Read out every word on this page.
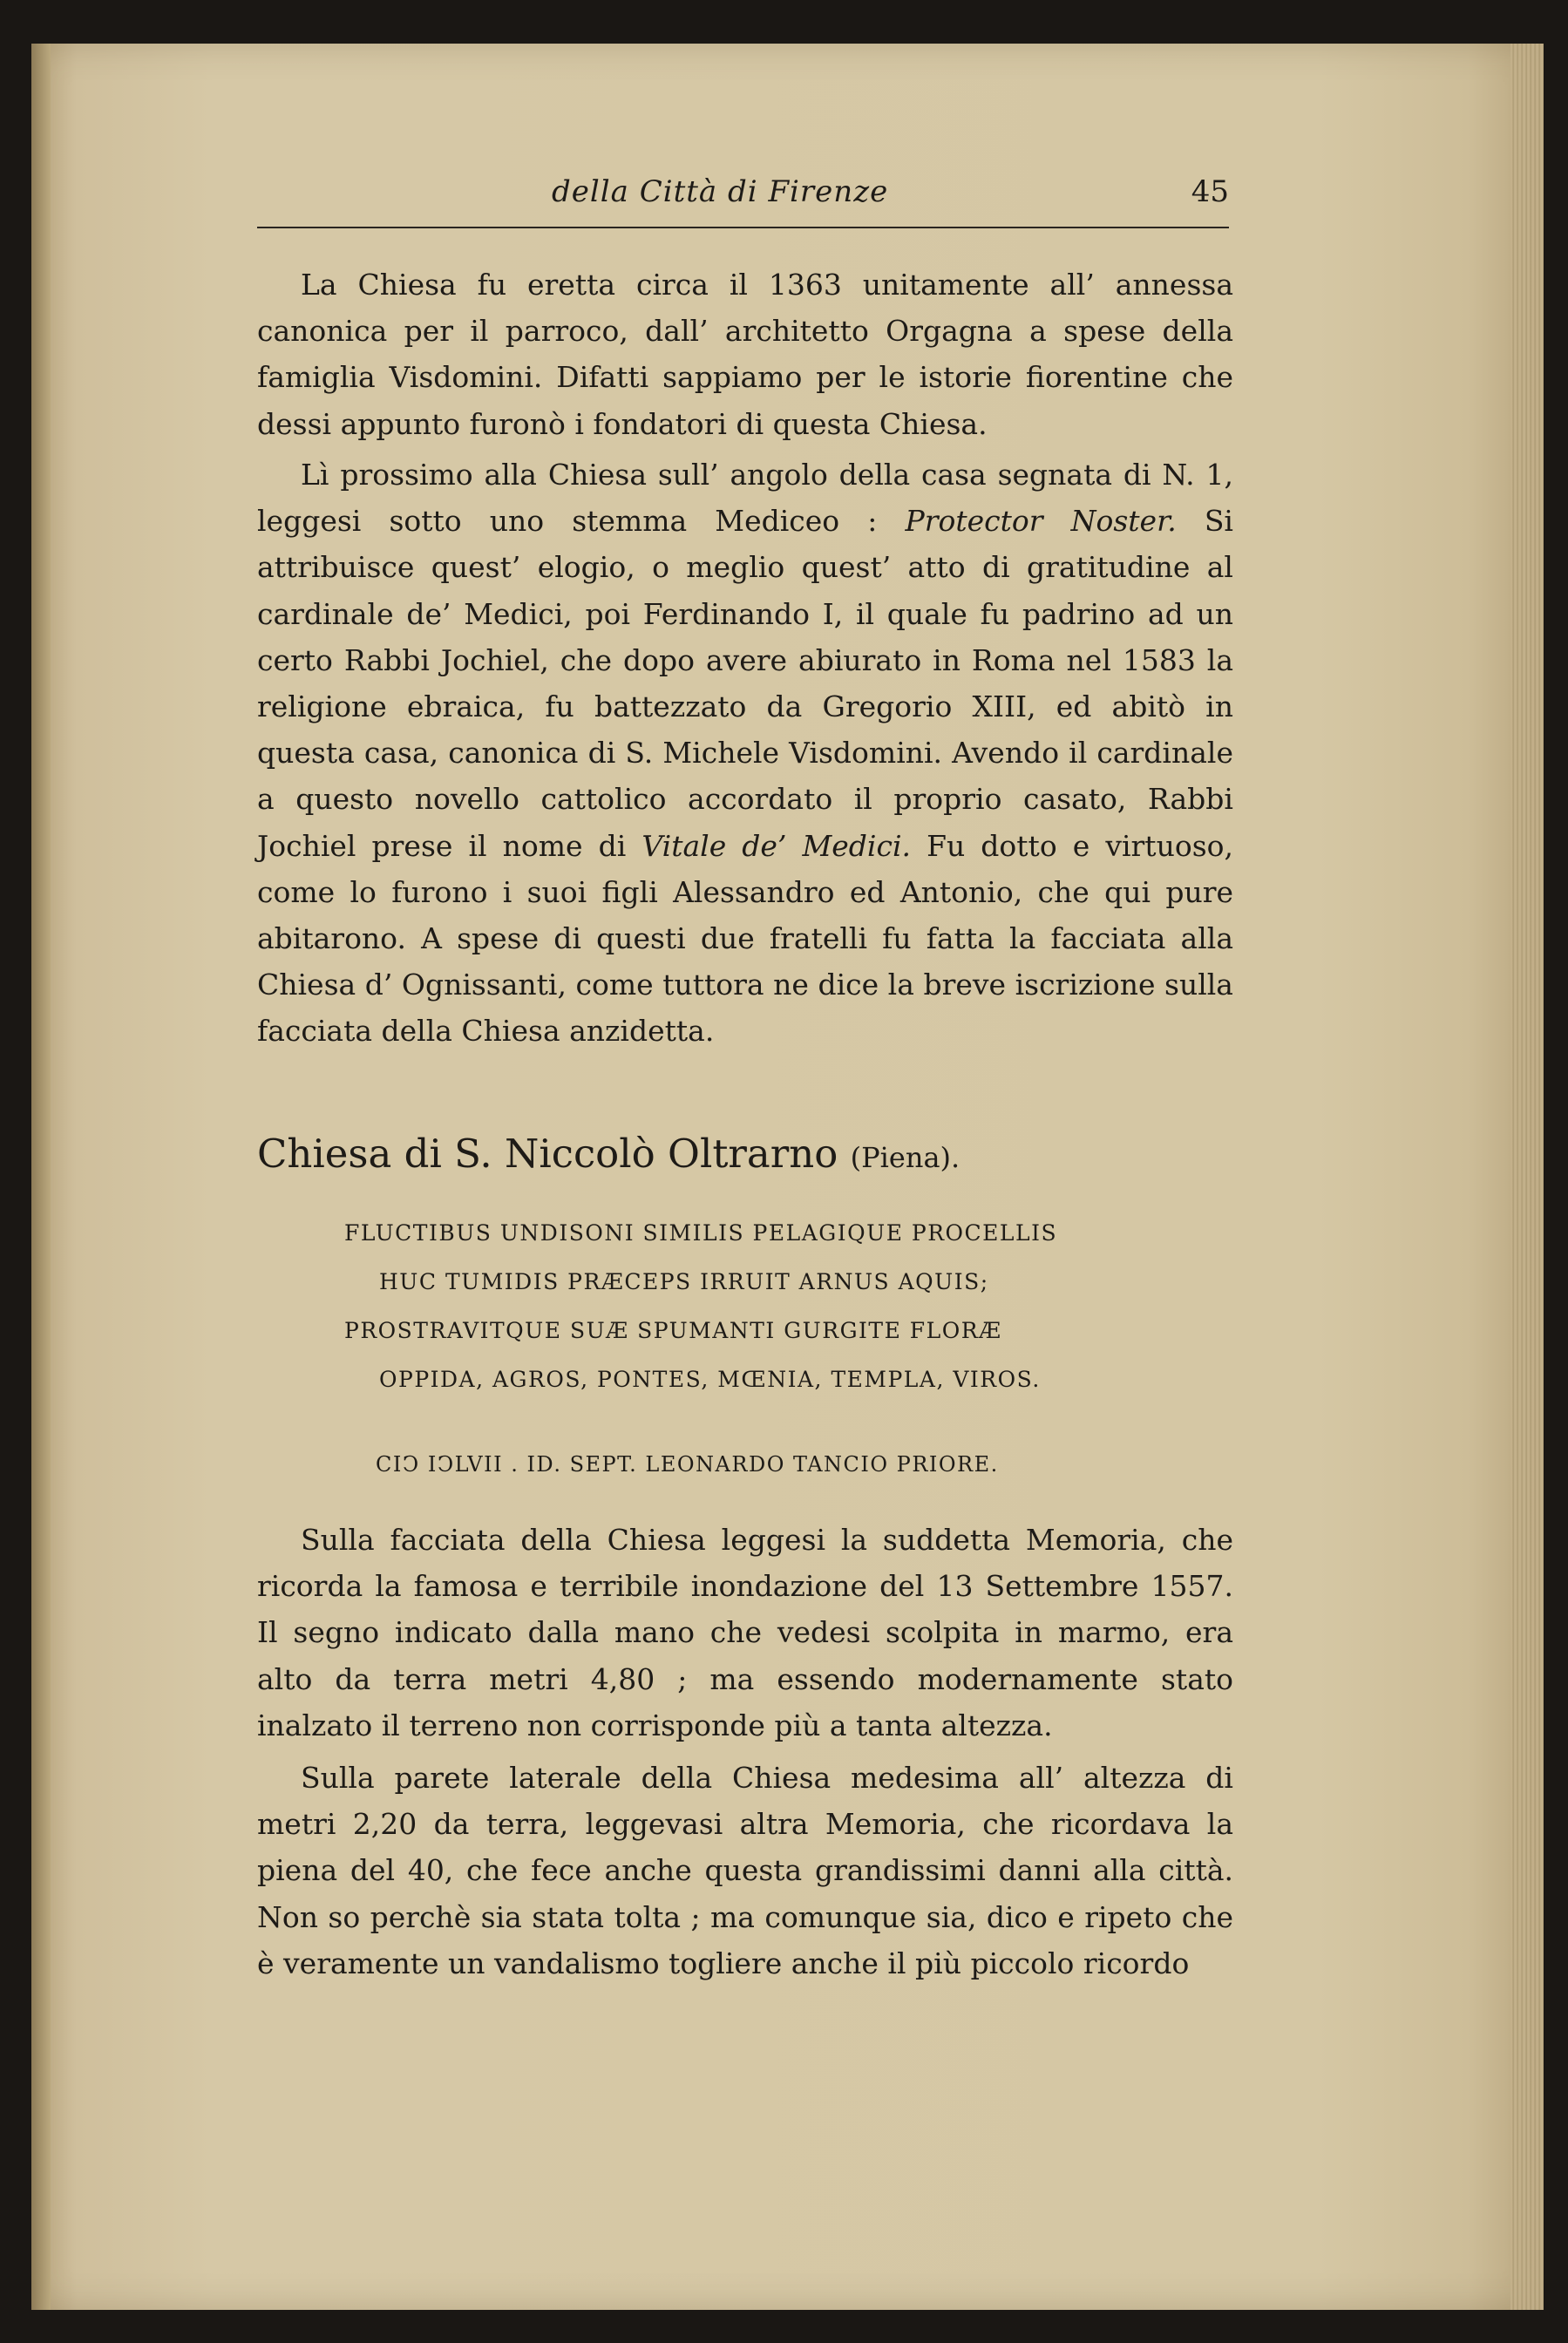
della Città di Firenze	45

La Chiesa fu eretta circa il 1363 unitamente all’ annessa canonica per il parroco, dall’ architetto Orgagna a spese della famiglia Visdomini. Difatti sappiamo per le istorie fiorentine che dessi appunto furonò i fondatori di questa Chiesa.

Lì prossimo alla Chiesa sull’ angolo della casa segnata di N. 1, leggesi sotto uno stemma Mediceo : Protector Noster. Si attribuisce quest’ elogio, o meglio quest’ atto di gratitudine al cardinale de’ Medici, poi Ferdinando I, il quale fu padrino ad un certo Rabbi Jochiel, che dopo avere abiurato in Roma nel 1583 la religione ebraica, fu battezzato da Gregorio XIII, ed abitò in questa casa, canonica di S. Michele Visdomini. Avendo il cardinale a questo novello cattolico accordato il proprio casato, Rabbi Jochiel prese il nome di Vitale de’ Medici. Fu dotto e virtuoso, come lo furono i suoi figli Alessandro ed Antonio, che qui pure abitarono. A spese di questi due fratelli fu fatta la facciata alla Chiesa d’ Ognissanti, come tuttora ne dice la breve iscrizione sulla facciata della Chiesa anzidetta.

Chiesa di S. Niccolò Oltrarno (Piena).
FLUCTIBUS UNDISONI SIMILIS PELAGIQUE PROCELLIS
HUC TUMIDIS PRÆCEPS IRRUIT ARNUS AQUIS;
PROSTRAVITQUE SUÆ SPUMANTI GURGITE FLORÆ
OPPIDA, AGROS, PONTES, MŒNIA, TEMPLA, VIROS.
CIↃ IↃLVII . ID. SEPT. LEONARDO TANCIO PRIORE.

Sulla facciata della Chiesa leggesi la suddetta Memoria, che ricorda la famosa e terribile inondazione del 13 Settembre 1557. Il segno indicato dalla mano che vedesi scolpita in marmo, era alto da terra metri 4,80 ; ma essendo modernamente stato inalzato il terreno non corrisponde più a tanta altezza.

Sulla parete laterale della Chiesa medesima all’ altezza di metri 2,20 da terra, leggevasi altra Memoria, che ricordava la piena del 40, che fece anche questa grandissimi danni alla città. Non so perchè sia stata tolta ; ma comunque sia, dico e ripeto che è veramente un vandalismo togliere anche il più piccolo ricordo
